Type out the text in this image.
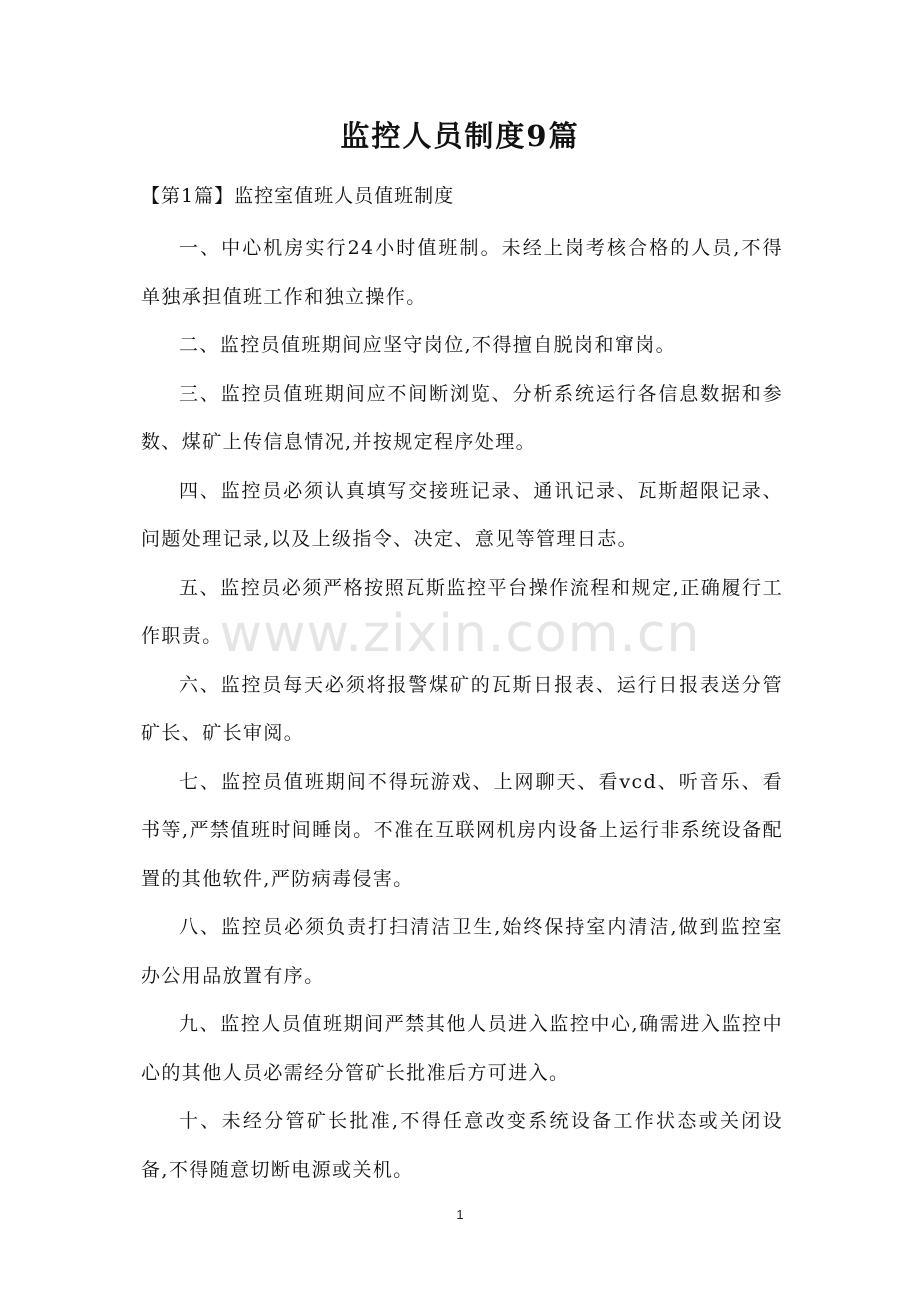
监控人员制度9篇
【第1篇】监控室值班人员值班制度

一、中心机房实行24小时值班制。未经上岗考核合格的人员,不得单独承担值班工作和独立操作。

二、监控员值班期间应坚守岗位,不得擅自脱岗和窜岗。

三、监控员值班期间应不间断浏览、分析系统运行各信息数据和参数、煤矿上传信息情况,并按规定程序处理。

四、监控员必须认真填写交接班记录、通讯记录、瓦斯超限记录、问题处理记录,以及上级指令、决定、意见等管理日志。

五、监控员必须严格按照瓦斯监控平台操作流程和规定,正确履行工作职责。

六、监控员每天必须将报警煤矿的瓦斯日报表、运行日报表送分管矿长、矿长审阅。

七、监控员值班期间不得玩游戏、上网聊天、看vcd、听音乐、看书等,严禁值班时间睡岗。不准在互联网机房内设备上运行非系统设备配置的其他软件,严防病毒侵害。

八、监控员必须负责打扫清洁卫生,始终保持室内清洁,做到监控室办公用品放置有序。

九、监控人员值班期间严禁其他人员进入监控中心,确需进入监控中心的其他人员必需经分管矿长批准后方可进入。

十、未经分管矿长批准,不得任意改变系统设备工作状态或关闭设备,不得随意切断电源或关机。

www.zixin.com.cn
1
